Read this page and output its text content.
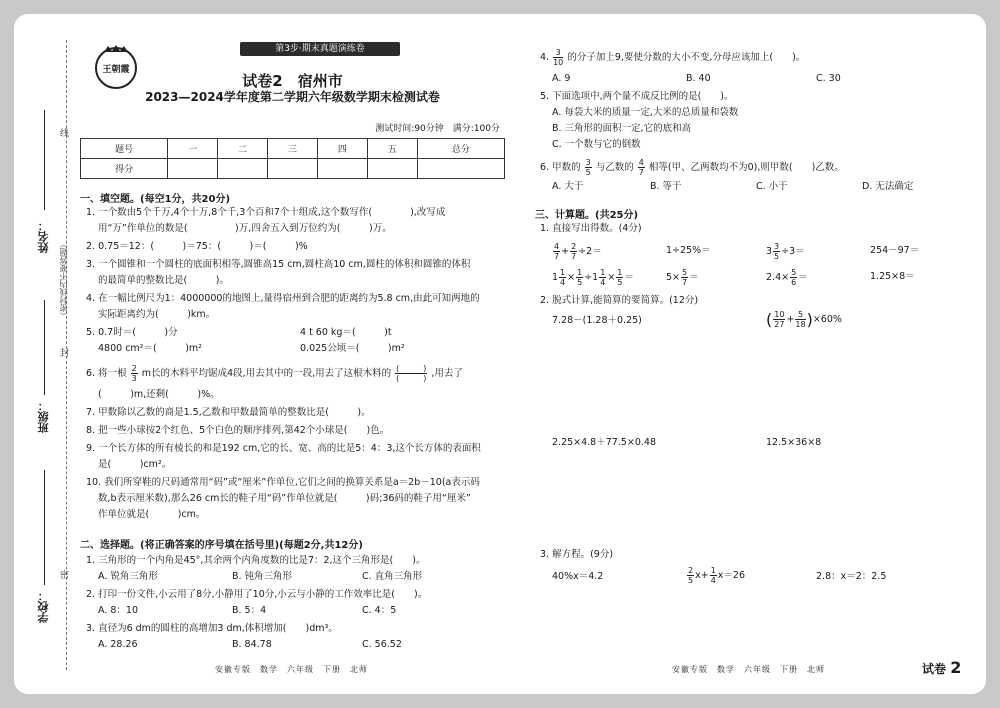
姓名：
班级：
学校：
（密封线内不要答题）
线
封
密
王朝霞
第3步·期末真题演练卷
试卷2　宿州市
2023—2024学年度第二学期六年级数学期末检测试卷
测试时间:90分钟　满分:100分
题号	一	二	三	四	五	总分
得分						
一、填空题。(每空1分，共20分)
1. 一个数由5个千万,4个十万,8个千,3个百和7个十组成,这个数写作(　　　　),改写成
用“万”作单位的数是(　　　　　)万,四舍五入到万位约为(　　　)万。
2. 0.75＝12：(　　　)＝75：(　　　)＝(　　　)%
3. 一个圆锥和一个圆柱的底面积相等,圆锥高15 cm,圆柱高10 cm,圆柱的体积和圆锥的体积
的最简单的整数比是(　　　)。
4. 在一幅比例尺为1：4000000的地图上,量得宿州到合肥的距离约为5.8 cm,由此可知两地的
实际距离约为(　　　)km。
5. 0.7时＝(　　　)分	4 t 60 kg＝(　　　)t
4800 cm²＝(　　　)m²	0.025公顷＝(　　　)m²
6. 将一根 $\frac{2}{3}$ m长的木料平均锯成4段,用去其中的一段,用去了这根木料的 $\frac{( )}{( )}$ ,用去了
(　　　)m,还剩(　　　)%。
7. 甲数除以乙数的商是1.5,乙数和甲数最简单的整数比是(　　　)。
8. 把一些小球按2个红色、5个白色的顺序排列,第42个小球是(　　)色。
9. 一个长方体的所有棱长的和是192 cm,它的长、宽、高的比是5：4：3,这个长方体的表面积
是(　　　)cm²。
10. 我们所穿鞋的尺码通常用“码”或“厘米”作单位,它们之间的换算关系是a＝2b－10(a表示码
数,b表示厘米数),那么26 cm长的鞋子用“码”作单位就是(　　　)码;36码的鞋子用“厘米”
作单位就是(　　　)cm。
二、选择题。(将正确答案的序号填在括号里)(每题2分,共12分)
1. 三角形的一个内角是45°,其余两个内角度数的比是7：2,这个三角形是(　　)。
A. 锐角三角形	B. 钝角三角形	C. 直角三角形
2. 打印一份文件,小云用了8分,小静用了10分,小云与小静的工作效率比是(　　)。
A. 8：10	B. 5：4	C. 4：5
3. 直径为6 dm的圆柱的高增加3 dm,体积增加(　　)dm³。
A. 28.26	B. 84.78	C. 56.52
安徽专版　数学　六年级　下册　北师
4. $\frac{3}{10}$ 的分子加上9,要使分数的大小不变,分母应该加上(　　)。
A. 9	B. 40	C. 30
5. 下面选项中,两个量不成反比例的是(　　)。
A. 每袋大米的质量一定,大米的总质量和袋数
B. 三角形的面积一定,它的底和高
C. 一个数与它的倒数
6. 甲数的 $\frac{3}{5}$ 与乙数的 $\frac{4}{7}$ 相等(甲、乙两数均不为0),则甲数(　　)乙数。
A. 大于	B. 等于	C. 小于	D. 无法确定
三、计算题。(共25分)
1. 直接写出得数。(4分)
$\frac{4}{7} + \frac{2}{7} \div 2=$	1÷25%＝	$3 \frac{3}{5} \div 3=$	254－97＝
$1 \frac{1}{4} \times \frac{1}{5} \div 1 \frac{1}{4} \times \frac{1}{5}$ ＝	$5\times \frac{5}{7}$ ＝	$2.4\times \frac{5}{6}$ ＝	1.25×8＝
2. 脱式计算,能简算的要简算。(12分)
7.28－(1.28＋0.25)	( $\frac{10}{27} + \frac{5}{18} )\times 60\%$
2.25×4.8＋77.5×0.48	12.5×36×8
3. 解方程。(9分)
40%x＝4.2	$\frac{2}{5} x+ \frac{1}{4} x=26$	2.8：x＝2：2.5
安徽专版　数学　六年级　下册　北师	试卷 2
